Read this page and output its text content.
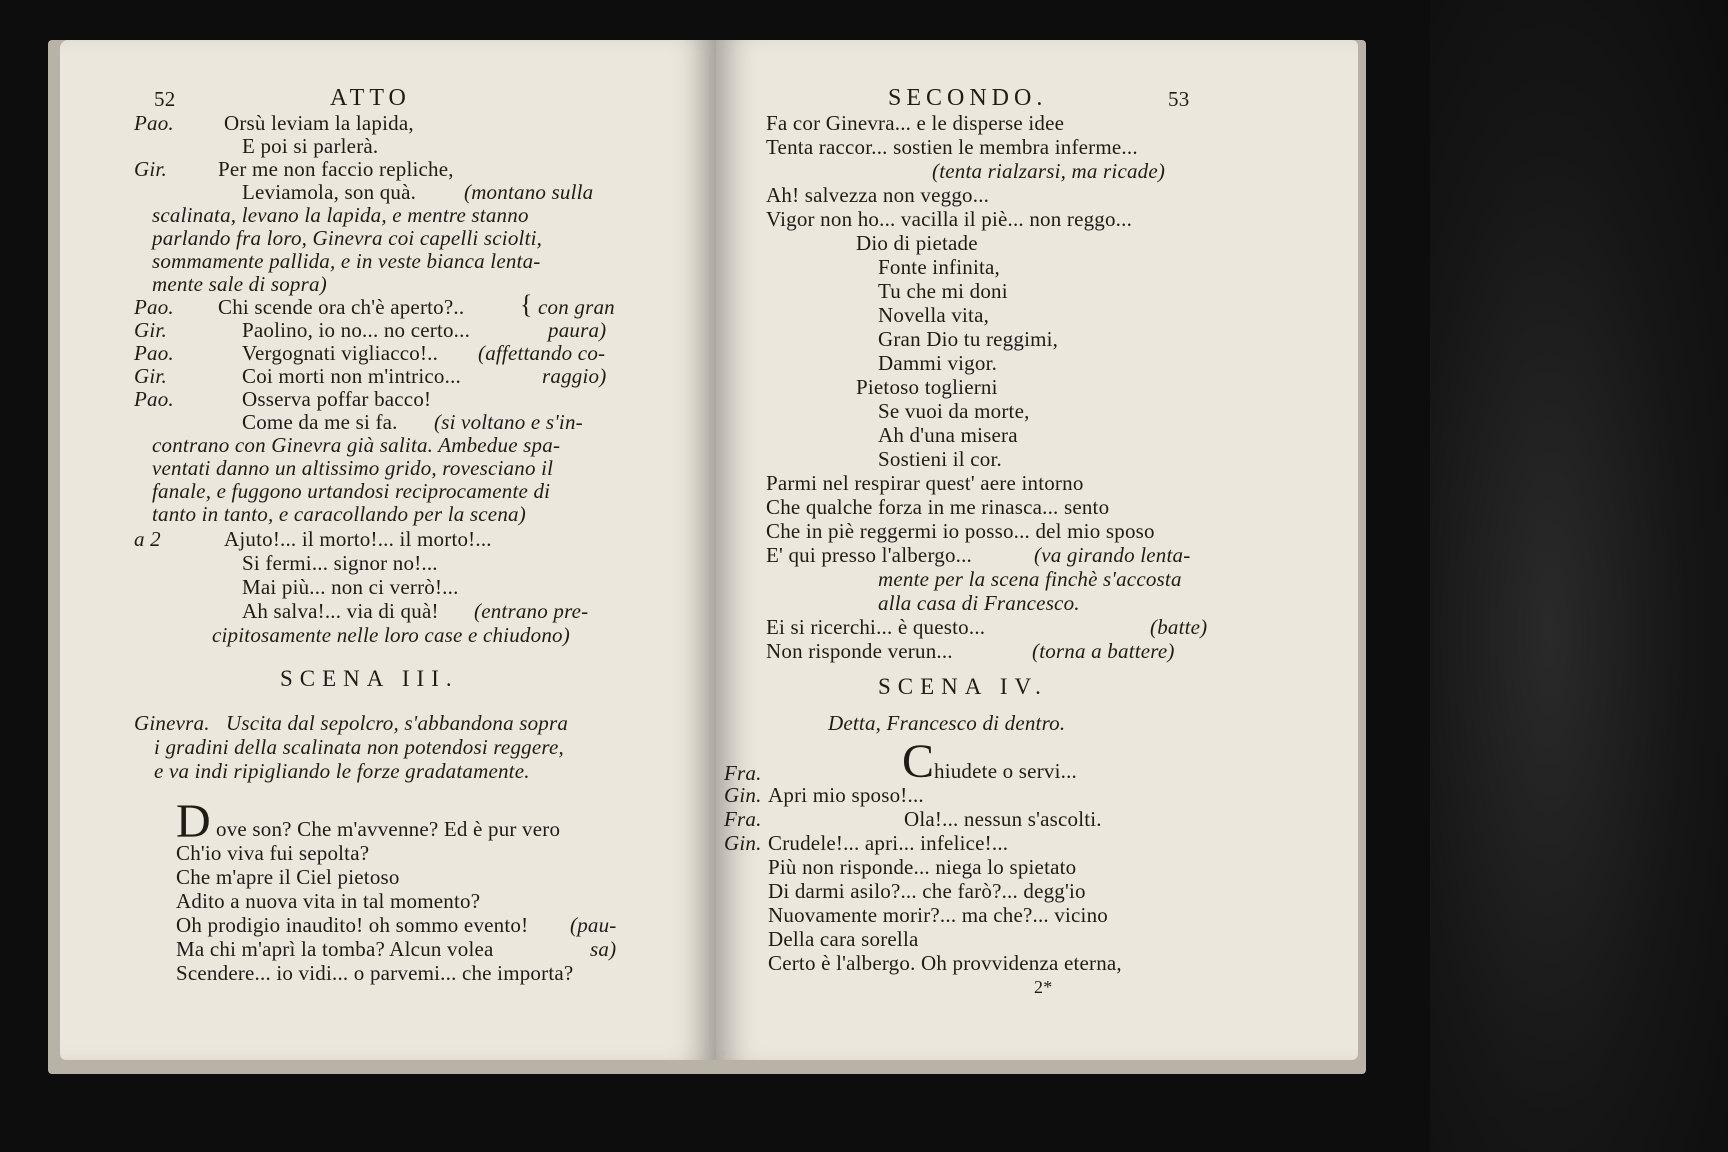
52	ATTO
Pao. Orsù leviam la lapida,
E poi si parlerà.
Gir. Per me non faccio repliche,
Leviamola, son quà. (montano sulla
scalinata, levano la lapida, e mentre stanno
parlando fra loro, Ginevra coi capelli sciolti,
sommamente pallida, e in veste bianca lenta-
mente sale di sopra)
Pao. Chi scende ora ch'è aperto?.. { con gran
Gir.	Paolino, io no... no certo...	paura)
Pao.	Vergognati vigliacco!.. (affettando co-
Gir.	Coi morti non m'intrico...	raggio)
Pao.	Osserva poffar bacco!
Come da me si fa. (si voltano e s'in-
contrano con Ginevra già salita. Ambedue spa-
ventati danno un altissimo grido, rovesciano il
fanale, e fuggono urtandosi reciprocamente di
tanto in tanto, e caracollando per la scena)
a 2	Ajuto!... il morto!... il morto!...
Si fermi... signor no!...
Mai più... non ci verrò!...
Ah salva!... via di quà! (entrano pre-
cipitosamente nelle loro case e chiudono)
SCENA III.
Ginevra. Uscita dal sepolcro, s'abbandona sopra
i gradini della scalinata non potendosi reggere,
e va indi ripigliando le forze gradatamente.
D ove son? Che m'avvenne? Ed è pur vero
Ch'io viva fui sepolta?
Che m'apre il Ciel pietoso
Adito a nuova vita in tal momento?
Oh prodigio inaudito! oh sommo evento! (pau-
Ma chi m'aprì la tomba? Alcun volea	sa)
Scendere... io vidi... o parvemi... che importa?
SECONDO.	53
Fa cor Ginevra... e le disperse idee
Tenta raccor... sostien le membra inferme...
(tenta rialzarsi, ma ricade)
Ah! salvezza non veggo...
Vigor non ho... vacilla il piè... non reggo...
Dio di pietade
Fonte infinita,
Tu che mi doni
Novella vita,
Gran Dio tu reggimi,
Dammi vigor.
Pietoso toglierni
Se vuoi da morte,
Ah d'una misera
Sostieni il cor.
Parmi nel respirar quest' aere intorno
Che qualche forza in me rinasca... sento
Che in piè reggermi io posso... del mio sposo
E' qui presso l'albergo...	(va girando lenta-
mente per la scena finchè s'accosta
alla casa di Francesco.
Ei si ricerchi... è questo...	(batte)
Non risponde verun...	(torna a battere)
SCENA IV.
Detta, Francesco di dentro.
Fra.	C hiudete o servi...
Gin. Apri mio sposo!...
Fra.	Ola!... nessun s'ascolti.
Gin. Crudele!... apri... infelice!...
Più non risponde... niega lo spietato
Di darmi asilo?... che farò?... degg'io
Nuovamente morir?... ma che?... vicino
Della cara sorella
Certo è l'albergo. Oh provvidenza eterna,
2*
